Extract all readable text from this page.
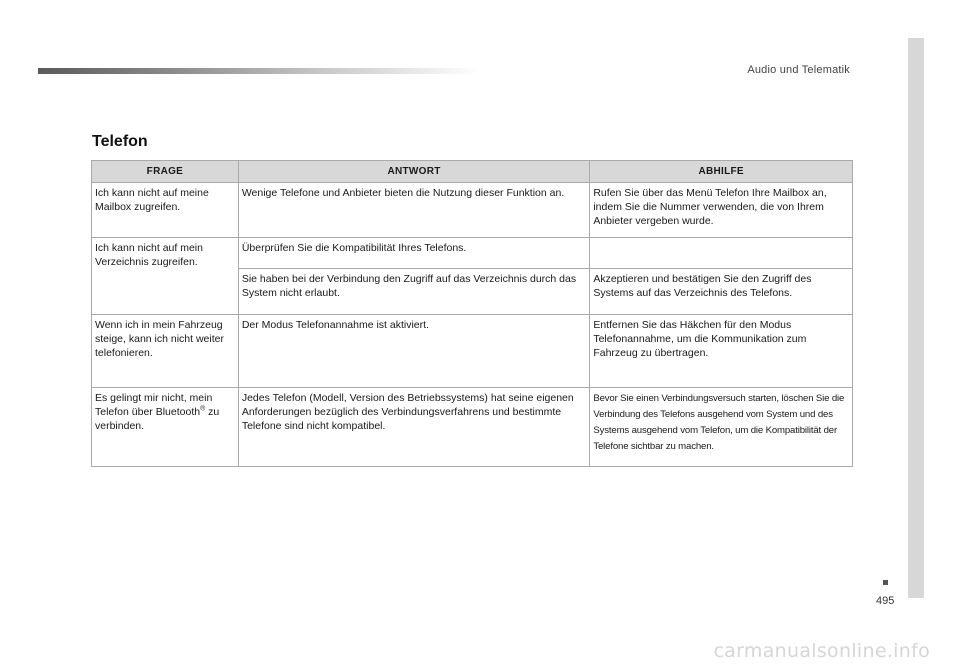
Audio und Telematik
495
Telefon
FRAGE	ANTWORT	ABHILFE
Ich kann nicht auf meine Mailbox zugreifen.	Wenige Telefone und Anbieter bieten die Nutzung dieser Funktion an.	Rufen Sie über das Menü Telefon Ihre Mailbox an, indem Sie die Nummer verwenden, die von Ihrem Anbieter vergeben wurde.
Ich kann nicht auf mein Verzeichnis zugreifen.	Überprüfen Sie die Kompatibilität Ihres Telefons.	
	Sie haben bei der Verbindung den Zugriff auf das Verzeichnis durch das System nicht erlaubt.	Akzeptieren und bestätigen Sie den Zugriff des Systems auf das Verzeichnis des Telefons.
Wenn ich in mein Fahrzeug steige, kann ich nicht weiter telefonieren.	Der Modus Telefonannahme ist aktiviert.	Entfernen Sie das Häkchen für den Modus Telefonannahme, um die Kommunikation zum Fahrzeug zu übertragen.
Es gelingt mir nicht, mein Telefon über Bluetooth® zu verbinden.	Jedes Telefon (Modell, Version des Betriebssystems) hat seine eigenen Anforderungen bezüglich des Verbindungsverfahrens und bestimmte Telefone sind nicht kompatibel.	Bevor Sie einen Verbindungsversuch starten, löschen Sie die Verbindung des Telefons ausgehend vom System und des Systems ausgehend vom Telefon, um die Kompatibilität der Telefone sichtbar zu machen.
carmanualsonline.info
